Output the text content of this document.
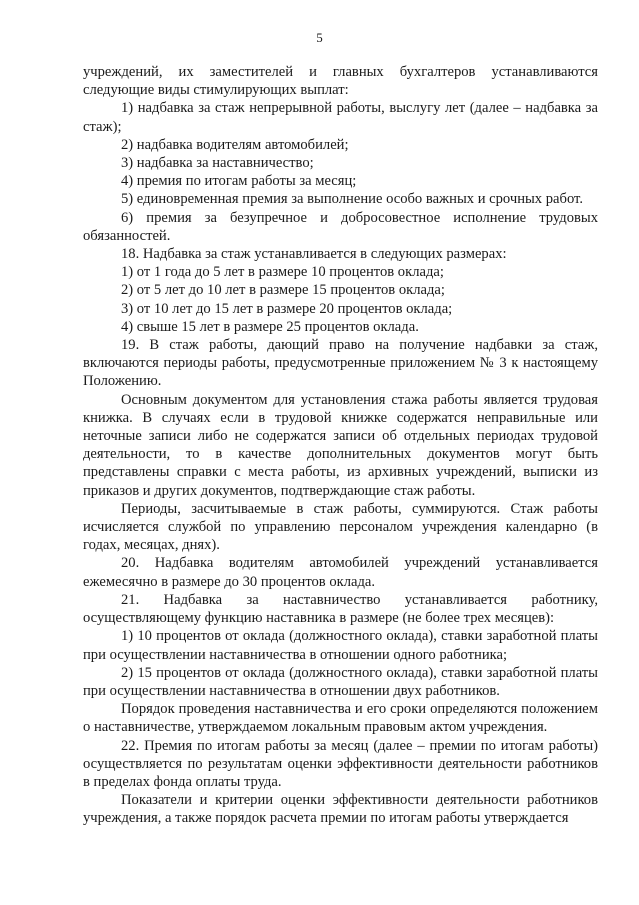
5

учреждений, их заместителей и главных бухгалтеров устанавливаются следующие виды стимулирующих выплат:

1) надбавка за стаж непрерывной работы, выслугу лет (далее – надбавка за стаж);

2) надбавка водителям автомобилей;

3) надбавка за наставничество;

4) премия по итогам работы за месяц;

5) единовременная премия за выполнение особо важных и срочных работ.

6) премия за безупречное и добросовестное исполнение трудовых обязанностей.

18. Надбавка за стаж устанавливается в следующих размерах:

1) от 1 года до 5 лет в размере 10 процентов оклада;

2) от 5 лет до 10 лет в размере 15 процентов оклада;

3) от 10 лет до 15 лет в размере 20 процентов оклада;

4) свыше 15 лет в размере 25 процентов оклада.

19. В стаж работы, дающий право на получение надбавки за стаж, включаются периоды работы, предусмотренные приложением № 3 к настоящему Положению.

Основным документом для установления стажа работы является трудовая книжка. В случаях если в трудовой книжке содержатся неправильные или неточные записи либо не содержатся записи об отдельных периодах трудовой деятельности, то в качестве дополнительных документов могут быть представлены справки с места работы, из архивных учреждений, выписки из приказов и других документов, подтверждающие стаж работы.

Периоды, засчитываемые в стаж работы, суммируются. Стаж работы исчисляется службой по управлению персоналом учреждения календарно (в годах, месяцах, днях).

20. Надбавка водителям автомобилей учреждений устанавливается ежемесячно в размере до 30 процентов оклада.

21. Надбавка за наставничество устанавливается работнику, осуществляющему функцию наставника в размере (не более трех месяцев):

1) 10 процентов от оклада (должностного оклада), ставки заработной платы при осуществлении наставничества в отношении одного работника;

2) 15 процентов от оклада (должностного оклада), ставки заработной платы при осуществлении наставничества в отношении двух работников.

Порядок проведения наставничества и его сроки определяются положением о наставничестве, утверждаемом локальным правовым актом учреждения.

22. Премия по итогам работы за месяц (далее – премии по итогам работы) осуществляется по результатам оценки эффективности деятельности работников в пределах фонда оплаты труда.

Показатели и критерии оценки эффективности деятельности работников учреждения, а также порядок расчета премии по итогам работы утверждается
